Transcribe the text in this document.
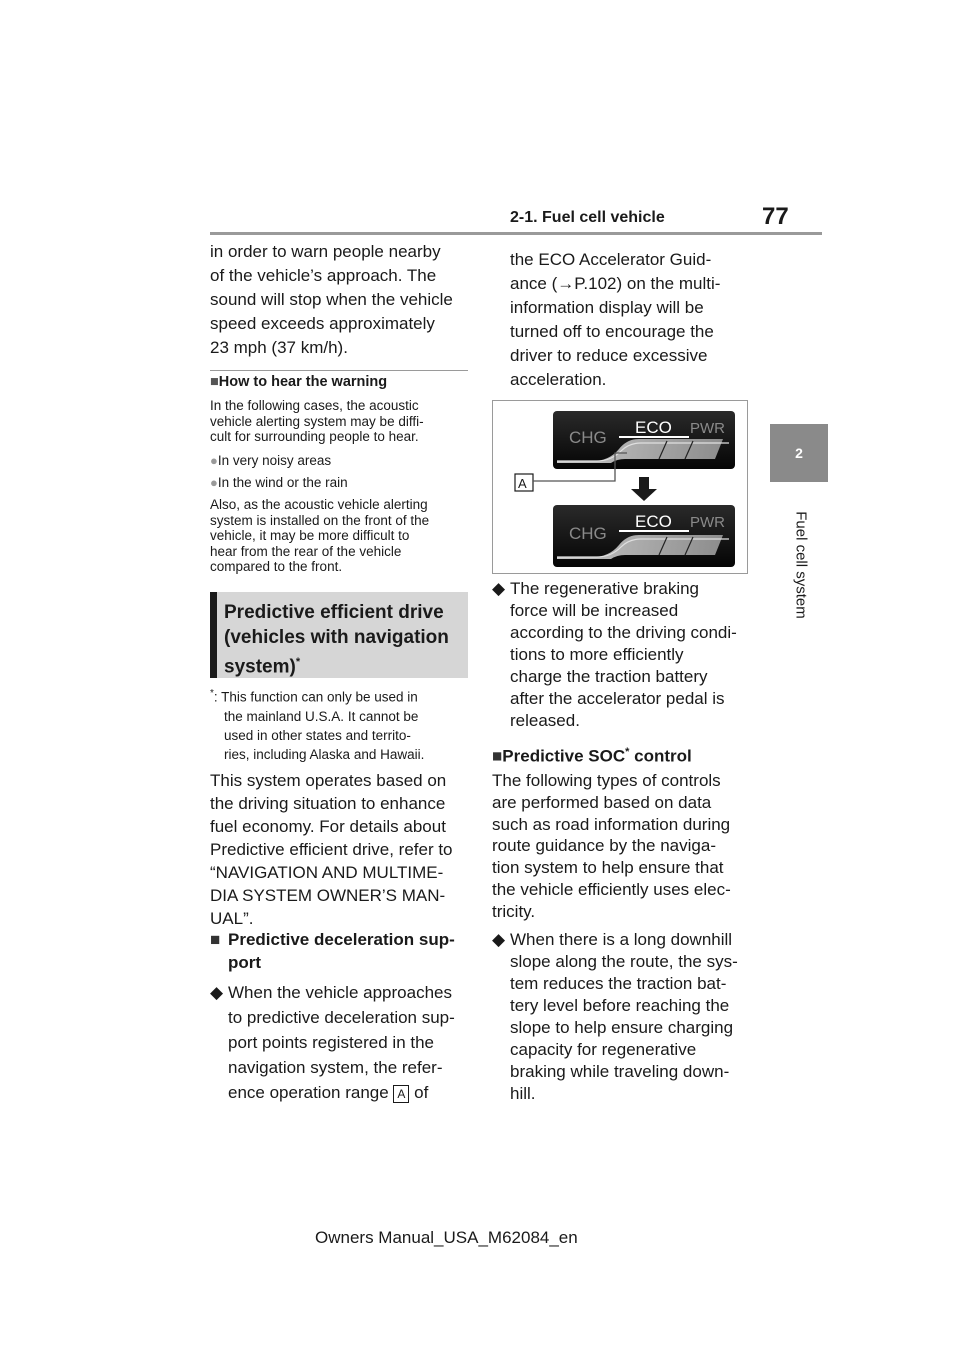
2-1. Fuel cell vehicle	77
2
Fuel cell system
in order to warn people nearby
of the vehicle’s approach. The
sound will stop when the vehicle
speed exceeds approximately
23 mph (37 km/h).
■How to hear the warning
In the following cases, the acoustic
vehicle alerting system may be diffi-
cult for surrounding people to hear.
●In very noisy areas
●In the wind or the rain
Also, as the acoustic vehicle alerting
system is installed on the front of the
vehicle, it may be more difficult to
hear from the rear of the vehicle
compared to the front.
Predictive efficient drive
(vehicles with navigation
system)*
*: This function can only be used in
the mainland U.S.A. It cannot be
used in other states and territo-
ries, including Alaska and Hawaii.
This system operates based on
the driving situation to enhance
fuel economy. For details about
Predictive efficient drive, refer to
“NAVIGATION AND MULTIME-
DIA SYSTEM OWNER’S MAN-
UAL”.
■ Predictive deceleration sup-
port
◆ When the vehicle approaches
to predictive deceleration sup-
port points registered in the
navigation system, the refer-
ence operation range A of
the ECO Accelerator Guid-
ance (→P.102) on the multi-
information display will be
turned off to encourage the
driver to reduce excessive
acceleration.
CHG
ECO PWR
A
CHG
ECO PWR
◆ The regenerative braking
force will be increased
according to the driving condi-
tions to more efficiently
charge the traction battery
after the accelerator pedal is
released.
■Predictive SOC* control
The following types of controls
are performed based on data
such as road information during
route guidance by the naviga-
tion system to help ensure that
the vehicle efficiently uses elec-
tricity.
◆ When there is a long downhill
slope along the route, the sys-
tem reduces the traction bat-
tery level before reaching the
slope to help ensure charging
capacity for regenerative
braking while traveling down-
hill.
Owners Manual_USA_M62084_en
